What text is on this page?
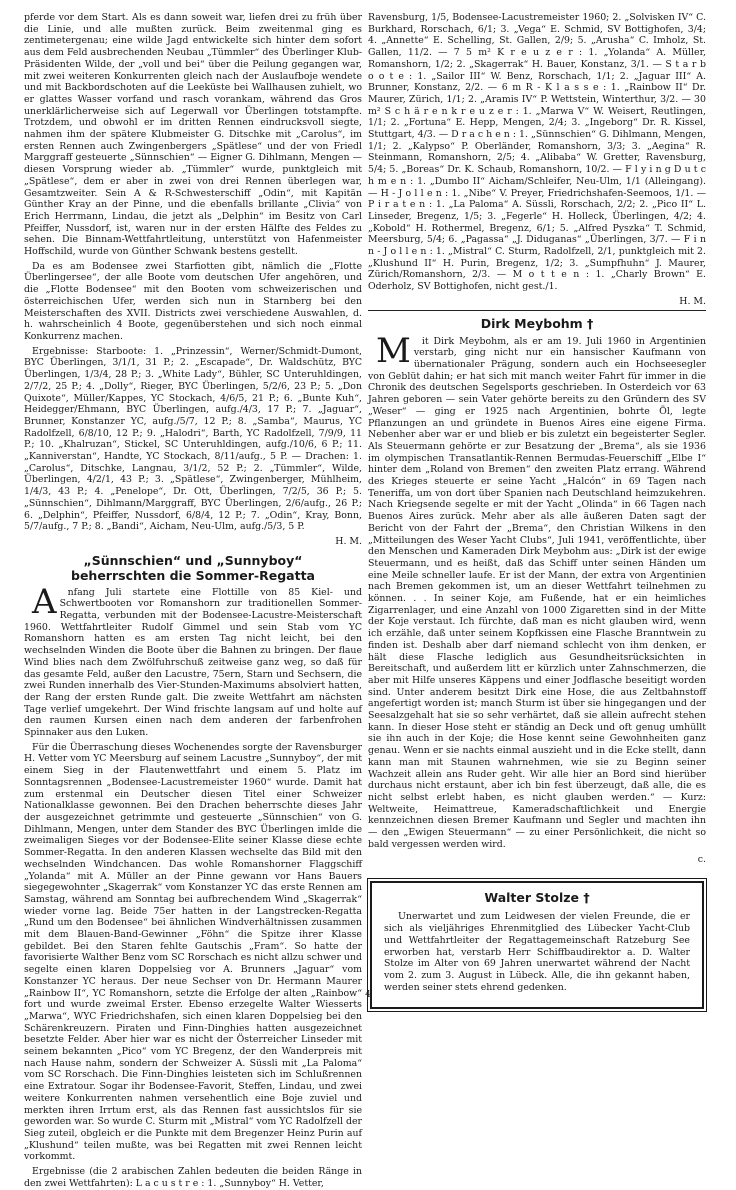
pferde vor dem Start. Als es dann soweit war, liefen drei zu früh über die Linie, und alle mußten zurück. Beim zweitenmal ging es zentimetergenau; eine wilde Jagd entwickelte sich hinter dem sofort aus dem Feld ausbrechenden Neubau „Tümmler“ des Überlinger Klub-Präsidenten Wilde, der „voll und bei“ über die Peilung gegangen war, mit zwei weiteren Konkurrenten gleich nach der Auslaufboje wendete und mit Backbordschoten auf die Leeküste bei Wallhausen zuhielt, wo er glattes Wasser vorfand und rasch vorankam, während das Gros unerklärlicherweise sich auf Legerwall vor Überlingen totstampfte. Trotzdem, und obwohl er im dritten Rennen eindrucksvoll siegte, nahmen ihm der spätere Klubmeister G. Ditschke mit „Carolus“, im ersten Rennen auch Zwingenbergers „Spätlese“ und der von Friedl Marggraff gesteuerte „Sünnschien“ — Eigner G. Dihlmann, Mengen — diesen Vorsprung wieder ab. „Tümmler“ wurde, punktgleich mit „Spätlese“, dem er aber in zwei von drei Rennen überlegen war, Gesamtzweiter. Sein A & R-Schwesterschiff „Odin“, mit Kapitän Günther Kray an der Pinne, und die ebenfalls brillante „Clivia“ von Erich Herrmann, Lindau, die jetzt als „Delphin“ im Besitz von Carl Pfeiffer, Nussdorf, ist, waren nur in der ersten Hälfte des Feldes zu sehen. Die Binnam-Wettfahrtleitung, unterstützt von Hafenmeister Hoffschild, wurde von Günther Schwank bestens gestellt.

Da es am Bodensee zwei Starfiotten gibt, nämlich die „Flotte Überlingersee“, der alle Boote vom deutschen Ufer angehören, und die „Flotte Bodensee“ mit den Booten vom schweizerischen und österreichischen Ufer, werden sich nun in Starnberg bei den Meisterschaften des XVII. Districts zwei verschiedene Auswahlen, d. h. wahrscheinlich 4 Boote, gegenüberstehen und sich noch einmal Konkurrenz machen.

Ergebnisse: Starboote: 1. „Prinzessin“, Werner/Schmidt-Dumont, BYC Überlingen, 3/1/1, 31 P.; 2. „Escapade“, Dr. Waldschütz, BYC Überlingen, 1/3/4, 28 P.; 3. „White Lady“, Bühler, SC Unteruhldingen, 2/7/2, 25 P.; 4. „Dolly“, Rieger, BYC Überlingen, 5/2/6, 23 P.; 5. „Don Quixote“, Müller/Kappes, YC Stockach, 4/6/5, 21 P.; 6. „Bunte Kuh“, Heidegger/Ehmann, BYC Überlingen, aufg./4/3, 17 P.; 7. „Jaguar“, Brunner, Konstanzer YC, aufg./5/7, 12 P.; 8. „Samba“, Maurus, YC Radolfzell, 6/8/10, 12 P.; 9. „Halodri“, Barth, YC Radolfzell, 7/9/9, 11 P.; 10. „Khalruzan“, Stickel, SC Unteruhldingen, aufg./10/6, 6 P.; 11. „Kanniverstan“, Handte, YC Stockach, 8/11/aufg., 5 P. — Drachen: 1. „Carolus“, Ditschke, Langnau, 3/1/2, 52 P.; 2. „Tümmler“, Wilde, Überlingen, 4/2/1, 43 P.; 3. „Spätlese“, Zwingenberger, Mühlheim, 1/4/3, 43 P.; 4. „Penelope“, Dr. Ott, Überlingen, 7/2/5, 36 P.; 5. „Sünnschien“, Dihlmann/Marggraff, BYC Überlingen, 2/6/aufg., 26 P.; 6. „Delphin“, Pfeiffer, Nussdorf, 6/8/4, 12 P.; 7. „Odin“, Kray, Bonn, 5/7/aufg., 7 P.; 8. „Bandi“, Aicham, Neu-Ulm, aufg./5/3, 5 P.

H. M.
„Sünnschien“ und „Sunnyboy“
beherrschten die Sommer-Regatta

A nfang Juli startete eine Flottille von 85 Kiel- und Schwertbooten vor Romanshorn zur traditionellen Sommer-Regatta, verbunden mit der Bodensee-Lacustre-Meisterschaft 1960. Wettfahrtleiter Rudolf Gimmel und sein Stab vom YC Romanshorn hatten es am ersten Tag nicht leicht, bei den wechselnden Winden die Boote über die Bahnen zu bringen. Der flaue Wind blies nach dem Zwölfuhrschuß zeitweise ganz weg, so daß für das gesamte Feld, außer den Lacustre, 75ern, Starn und Sechsern, die zwei Runden innerhalb des Vier-Stunden-Maximums absolviert hatten, der Rang der ersten Runde galt. Die zweite Wettfahrt am nächsten Tage verlief umgekehrt. Der Wind frischte langsam auf und holte auf den raumen Kursen einen nach dem anderen der farbenfrohen Spinnaker aus den Luken.

Für die Überraschung dieses Wochenendes sorgte der Ravensburger H. Vetter vom YC Meersburg auf seinem Lacustre „Sunnyboy“, der mit einem Sieg in der Flautenwettfahrt und einem 5. Platz im Sonntagsrennen „Bodensee-Lacustremeister 1960“ wurde. Damit hat zum erstenmal ein Deutscher diesen Titel einer Schweizer Nationalklasse gewonnen. Bei den Drachen beherrschte dieses Jahr der ausgezeichnet getrimmte und gesteuerte „Sünnschien“ von G. Dihlmann, Mengen, unter dem Stander des BYC Überlingen imlde die zweimaligen Sieges vor der Bodensee-Elite seiner Klasse diese echte Sommer-Regatta. In den anderen Klassen wechselte das Bild mit den wechselnden Windchancen. Das wohle Romanshorner Flaggschiff „Yolanda“ mit A. Müller an der Pinne gewann vor Hans Bauers siegegewohnter „Skagerrak“ vom Konstanzer YC das erste Rennen am Samstag, während am Sonntag bei aufbrechendem Wind „Skagerrak“ wieder vorne lag. Beide 75er hatten in der Langstrecken-Regatta „Rund um den Bodensee“ bei ähnlichen Windverhältnissen zusammen mit dem Blauen-Band-Gewinner „Föhn“ die Spitze ihrer Klasse gebildet. Bei den Staren fehlte Gautschis „Fram“. So hatte der favorisierte Walther Benz vom SC Rorschach es nicht allzu schwer und segelte einen klaren Doppelsieg vor A. Brunners „Jaguar“ vom Konstanzer YC heraus. Der neue Sechser von Dr. Hermann Maurer „Rainbow II“, YC Romanshorn, setzte die Erfolge der alten „Rainbow“ fort und wurde zweimal Erster. Ebenso erzegelte Walter Wiesserts „Marwa“, WYC Friedrichshafen, sich einen klaren Doppelsieg bei den Schärenkreuzern. Piraten und Finn-Dinghies hatten ausgezeichnet besetzte Felder. Aber hier war es nicht der Österreicher Linseder mit seinem bekannten „Pico“ vom YC Bregenz, der den Wanderpreis mit nach Hause nahm, sondern der Schweizer A. Süssli mit „La Paloma“ vom SC Rorschach. Die Finn-Dinghies leisteten sich im Schlußrennen eine Extratour. Sogar ihr Bodensee-Favorit, Steffen, Lindau, und zwei weitere Konkurrenten nahmen versehentlich eine Boje zuviel und merkten ihren Irrtum erst, als das Rennen fast aussichtslos für sie geworden war. So wurde C. Sturm mit „Mistral“ vom YC Radolfzell der Sieg zuteil, obgleich er die Punkte mit dem Bregenzer Heinz Purin auf „Klushund“ teilen mußte, was bei Regatten mit zwei Rennen leicht vorkommt.

Ergebnisse (die 2 arabischen Zahlen bedeuten die beiden Ränge in den zwei Wettfahrten): L a c u s t r e : 1. „Sunnyboy“ H. Vetter,

Ravensburg, 1/5, Bodensee-Lacustremeister 1960; 2. „Solvisken IV“ C. Burkhard, Rorschach, 6/1; 3. „Vega“ E. Schmid, SV Bottighofen, 3/4; 4. „Annette“ E. Schelling, St. Gallen, 2/9; 5. „Arusha“ C. Imholz, St. Gallen, 11/2. — 7 5 m² K r e u z e r : 1. „Yolanda“ A. Müller, Romanshorn, 1/2; 2. „Skagerrak“ H. Bauer, Konstanz, 3/1. — S t a r b o o t e : 1. „Sailor III“ W. Benz, Rorschach, 1/1; 2. „Jaguar III“ A. Brunner, Konstanz, 2/2. — 6 m R - K l a s s e : 1. „Rainbow II“ Dr. Maurer, Zürich, 1/1; 2. „Aramis IV“ P. Wettstein, Winterthur, 3/2. — 30 m² S c h ä r e n k r e u z e r : 1. „Marwa V“ W. Weisert, Reutlingen, 1/1; 2. „Fortuna“ E. Hepp, Mengen, 2/4; 3. „Ingeborg“ Dr. R. Kissel, Stuttgart, 4/3. — D r a c h e n : 1. „Sünnschien“ G. Dihlmann, Mengen, 1/1; 2. „Kalypso“ P. Oberländer, Romanshorn, 3/3; 3. „Aegina“ R. Steinmann, Romanshorn, 2/5; 4. „Alibaba“ W. Gretter, Ravensburg, 5/4; 5. „Boreas“ Dr. K. Schaub, Romanshorn, 10/2. — F l y i n g D u t c h m e n : 1. „Dumbo II“ Aicham/Schleifer, Neu-Ulm, 1/1 (Alleingang). — H - J o l l e n : 1. „Nibe“ V. Preyer, Friedrichshafen-Seemoos, 1/1. — P i r a t e n : 1. „La Paloma“ A. Süssli, Rorschach, 2/2; 2. „Pico II“ L. Linseder, Bregenz, 1/5; 3. „Fegerle“ H. Holleck, Überlingen, 4/2; 4. „Kobold“ H. Rothermel, Bregenz, 6/1; 5. „Alfred Pyszka“ T. Schmid, Meersburg, 5/4; 6. „Pagassa“ „J. Diduganas“ „Überlingen, 3/7. — F i n n - J o l l e n : 1. „Mistral“ C. Sturm, Radolfzell, 2/1, punktgleich mit 2. „Klushund II“ H. Purin, Bregenz, 1/2; 3. „Sumpfhuhn“ J. Maurer, Zürich/Romanshorn, 2/3. — M o t t e n : 1. „Charly Brown“ E. Oderholz, SV Bottighofen, nicht gest./1.

H. M.
Dirk Meybohm †

M it Dirk Meybohm, als er am 19. Juli 1960 in Argentinien verstarb, ging nicht nur ein hansischer Kaufmann von übernationaler Prägung, sondern auch ein Hochseesegler von Geblüt dahin; er hat sich mit manch weiter Fahrt für immer in die Chronik des deutschen Segelsports geschrieben. In Osterdeich vor 63 Jahren geboren — sein Vater gehörte bereits zu den Gründern des SV „Weser“ — ging er 1925 nach Argentinien, bohrte Öl, legte Pflanzungen an und gründete in Buenos Aires eine eigene Firma. Nebenher aber war er und blieb er bis zuletzt ein begeisterter Segler. Als Steuermann gehörte er zur Besatzung der „Brema“, als sie 1936 im olympischen Transatlantik-Rennen Bermudas-Feuerschiff „Elbe I“ hinter dem „Roland von Bremen“ den zweiten Platz errang. Während des Krieges steuerte er seine Yacht „Halcón“ in 69 Tagen nach Teneriffa, um von dort über Spanien nach Deutschland heimzukehren. Nach Kriegsende segelte er mit der Yacht „Olinda“ in 66 Tagen nach Buenos Aires zurück. Mehr aber als alle äußeren Daten sagt der Bericht von der Fahrt der „Brema“, den Christian Wilkens in den „Mitteilungen des Weser Yacht Clubs“, Juli 1941, veröffentlichte, über den Menschen und Kameraden Dirk Meybohm aus: „Dirk ist der ewige Steuermann, und es heißt, daß das Schiff unter seinen Händen um eine Meile schneller laufe. Er ist der Mann, der extra von Argentinien nach Bremen gekommen ist, um an dieser Wettfahrt teilnehmen zu können. . . In seiner Koje, am Fußende, hat er ein heimliches Zigarrenlager, und eine Anzahl von 1000 Zigaretten sind in der Mitte der Koje verstaut. Ich fürchte, daß man es nicht glauben wird, wenn ich erzähle, daß unter seinem Kopfkissen eine Flasche Branntwein zu finden ist. Deshalb aber darf niemand schlecht von ihm denken, er hält diese Flasche lediglich aus Gesundheitsrücksichten in Bereitschaft, und außerdem litt er kürzlich unter Zahnschmerzen, die aber mit Hilfe unseres Käppens und einer Jodflasche beseitigt worden sind. Unter anderem besitzt Dirk eine Hose, die aus Zeltbahnstoff angefertigt worden ist; manch Sturm ist über sie hingegangen und der Seesalzgehalt hat sie so sehr verhärtet, daß sie allein aufrecht stehen kann. In dieser Hose steht er ständig an Deck und oft genug umhüllt sie ihn auch in der Koje; die Hose kennt seine Gewohnheiten ganz genau. Wenn er sie nachts einmal auszieht und in die Ecke stellt, dann kann man mit Staunen wahrnehmen, wie sie zu Beginn seiner Wachzeit allein ans Ruder geht. Wir alle hier an Bord sind hierüber durchaus nicht erstaunt, aber ich bin fest überzeugt, daß alle, die es nicht selbst erlebt haben, es nicht glauben werden.“ — Kurz: Weltweite, Heimattreue, Kameradschaftlichkeit und Energie kennzeichnen diesen Bremer Kaufmann und Segler und machten ihn — den „Ewigen Steuermann“ — zu einer Persönlichkeit, die nicht so bald vergessen werden wird.

c.
Walter Stolze †

Unerwartet und zum Leidwesen der vielen Freunde, die er sich als vieljähriges Ehrenmitglied des Lübecker Yacht-Club und Wettfahrtleiter der Regattagemeinschaft Ratzeburg See erworben hat, verstarb Herr Schiffbaudirektor a. D. Walter Stolze im Alter von 69 Jahren unerwartet während der Nacht vom 2. zum 3. August in Lübeck. Alle, die ihn gekannt haben, werden seiner stets ehrend gedenken.

4
